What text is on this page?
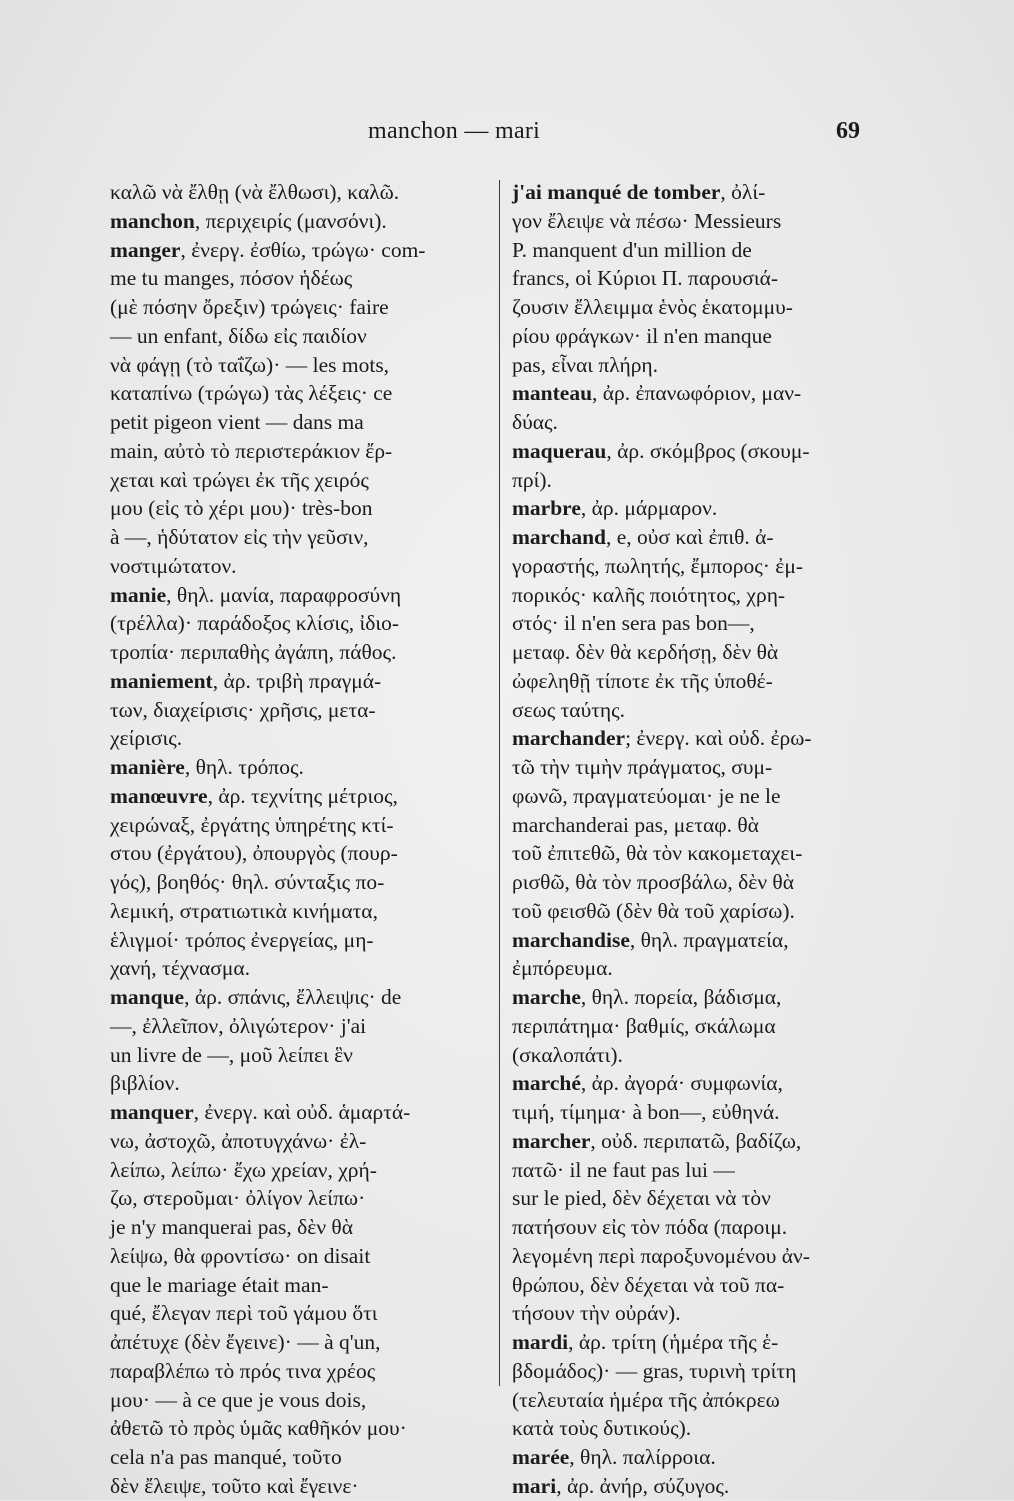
manchon — mari	69

καλῶ νὰ ἔλθῃ (νὰ ἔλθωσι), καλῶ.

manchon, περιχειρίς (μανσόνι).

manger, ἐνεργ. ἐσθίω, τρώγω· com-
me tu manges, πόσον ἡδέως
(μὲ πόσην ὄρεξιν) τρώγεις· faire
— un enfant, δίδω εἰς παιδίον
νὰ φάγῃ (τὸ ταΐζω)· — les mots,
καταπίνω (τρώγω) τὰς λέξεις· ce
petit pigeon vient — dans ma
main, αὐτὸ τὸ περιστεράκιον ἔρ-
χεται καὶ τρώγει ἐκ τῆς χειρός
μου (εἰς τὸ χέρι μου)· très-bon
à —, ἡδύτατον εἰς τὴν γεῦσιν,
νοστιμώτατον.

manie, θηλ. μανία, παραφροσύνη
(τρέλλα)· παράδοξος κλίσις, ἰδιο-
τροπία· περιπαθὴς ἀγάπη, πάθος.

maniement, ἀρ. τριβὴ πραγμά-
των, διαχείρισις· χρῆσις, μετα-
χείρισις.

manière, θηλ. τρόπος.

manœuvre, ἀρ. τεχνίτης μέτριος,
χειρώναξ, ἐργάτης ὑπηρέτης κτί-
στου (ἐργάτου), ὀπουργὸς (πουρ-
γός), βοηθός· θηλ. σύνταξις πο-
λεμική, στρατιωτικὰ κινήματα,
ἑλιγμοί· τρόπος ἐνεργείας, μη-
χανή, τέχνασμα.

manque, ἀρ. σπάνις, ἔλλειψις· de
—, ἐλλεῖπον, ὀλιγώτερον· j'ai
un livre de —, μοῦ λείπει ἓν
βιβλίον.

manquer, ἐνεργ. καὶ οὐδ. ἁμαρτά-
νω, ἀστοχῶ, ἀποτυγχάνω· ἐλ-
λείπω, λείπω· ἔχω χρείαν, χρή-
ζω, στεροῦμαι· ὀλίγον λείπω·
je n'y manquerai pas, δὲν θὰ
λείψω, θὰ φροντίσω· on disait
que le mariage était man-
qué, ἔλεγαν περὶ τοῦ γάμου ὅτι
ἀπέτυχε (δὲν ἔγεινε)· — à q'un,
παραβλέπω τὸ πρός τινα χρέος
μου· — à ce que je vous dois,
ἀθετῶ τὸ πρὸς ὑμᾶς καθῆκόν μου·
cela n'a pas manqué, τοῦτο
δὲν ἔλειψε, τοῦτο καὶ ἔγεινε·

j'ai manqué de tomber, ὀλί-
γον ἔλειψε νὰ πέσω· Messieurs
P. manquent d'un million de
francs, οἱ Κύριοι Π. παρουσιά-
ζουσιν ἔλλειμμα ἑνὸς ἑκατομμυ-
ρίου φράγκων· il n'en manque
pas, εἶναι πλήρη.

manteau, ἀρ. ἐπανωφόριον, μαν-
δύας.

maquerau, ἀρ. σκόμβρος (σκουμ-
πρί).

marbre, ἀρ. μάρμαρον.

marchand, e, οὐσ καὶ ἐπιθ. ἀ-
γοραστής, πωλητής, ἔμπορος· ἐμ-
πορικός· καλῆς ποιότητος, χρη-
στός· il n'en sera pas bon—,
μεταφ. δὲν θὰ κερδήσῃ, δὲν θὰ
ὠφεληθῇ τίποτε ἐκ τῆς ὑποθέ-
σεως ταύτης.

marchander; ἐνεργ. καὶ οὐδ. ἐρω-
τῶ τὴν τιμὴν πράγματος, συμ-
φωνῶ, πραγματεύομαι· je ne le
marchanderai pas, μεταφ. θὰ
τοῦ ἐπιτεθῶ, θὰ τὸν κακομεταχει-
ρισθῶ, θὰ τὸν προσβάλω, δὲν θὰ
τοῦ φεισθῶ (δὲν θὰ τοῦ χαρίσω).

marchandise, θηλ. πραγματεία,
ἐμπόρευμα.

marche, θηλ. πορεία, βάδισμα,
περιπάτημα· βαθμίς, σκάλωμα
(σκαλοπάτι).

marché, ἀρ. ἀγορά· συμφωνία,
τιμή, τίμημα· à bon—, εὐθηνά.

marcher, οὐδ. περιπατῶ, βαδίζω,
πατῶ· il ne faut pas lui —
sur le pied, δὲν δέχεται νὰ τὸν
πατήσουν εἰς τὸν πόδα (παροιμ.
λεγομένη περὶ παροξυνομένου ἀν-
θρώπου, δὲν δέχεται νὰ τοῦ πα-
τήσουν τὴν οὐράν).

mardi, ἀρ. τρίτη (ἡμέρα τῆς ἑ-
βδομάδος)· — gras, τυρινὴ τρίτη
(τελευταία ἡμέρα τῆς ἀπόκρεω
κατὰ τοὺς δυτικούς).

marée, θηλ. παλίρροια.

mari, ἀρ. ἀνήρ, σύζυγος.
